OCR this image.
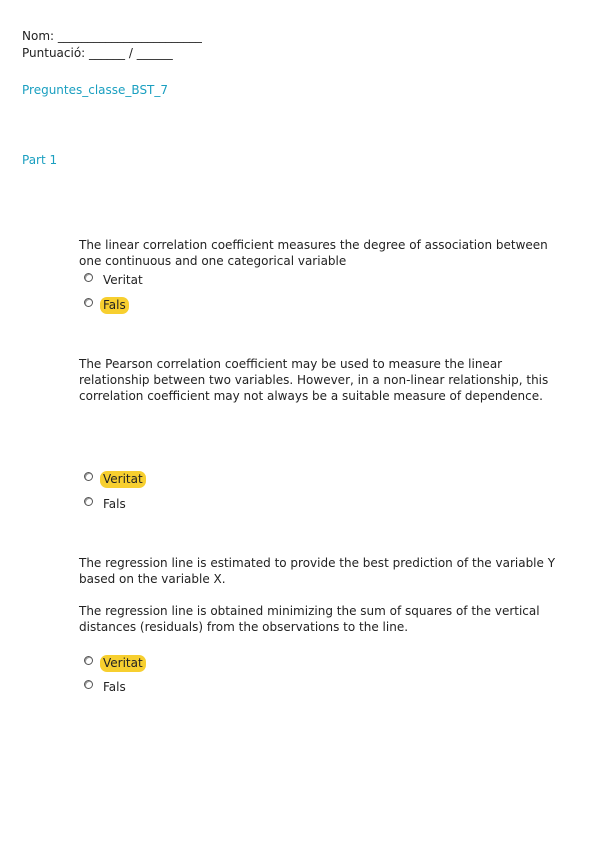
Nom: ________________________
Puntuació: ______ / ______
Preguntes_classe_BST_7
Part 1

The linear correlation coefficient measures the degree of association between one continuous and one categorical variable

Veritat
Fals

The Pearson correlation coefficient may be used to measure the linear relationship between two variables. However, in a non-linear relationship, this correlation coefficient may not always be a suitable measure of dependence.

Veritat
Fals

The regression line is estimated to provide the best prediction of the variable Y based on the variable X.

The regression line is obtained minimizing the sum of squares of the vertical distances (residuals) from the observations to the line.

Veritat
Fals
